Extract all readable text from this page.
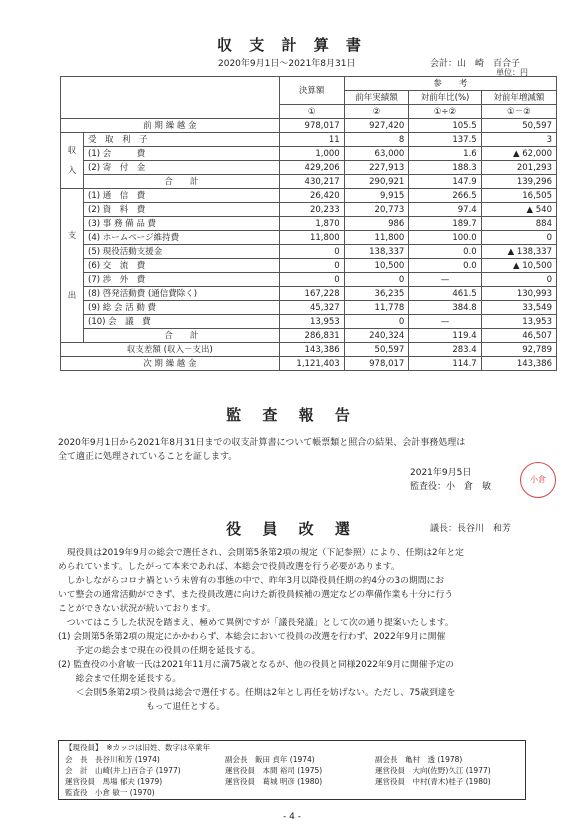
収 支 計 算 書
2020年9月1日～2021年8月31日	会計：山　崎　百合子
単位：円
		決算額	参　　考		
			前年実績額	対前年比(%)	対前年増減額
		①	②	①÷②	①－②
前 期 繰 越 金		978,017	927,420	105.5	50,597

収
入	受　取　利　子	11	8	137.5	3
	(1) 会　　　費	1,000	63,000	1.6	▲ 62,000
	(2) 寄　付　金	429,206	227,913	188.3	201,293
	合　　計	430,217	290,921	147.9	139,296

支
出	(1) 通　信　費	26,420	9,915	266.5	16,505
	(2) 資　料　費	20,233	20,773	97.4	▲ 540
	(3) 事 務 備 品 費	1,870	986	189.7	884
	(4) ホームページ維持費	11,800	11,800	100.0	0
	(5) 現役活動支援金	0	138,337	0.0	▲ 138,337
	(6) 交　流　費	0	10,500	0.0	▲ 10,500
	(7) 渉　外　費	0	0	—	0
	(8) 啓発活動費 (通信費除く)	167,228	36,235	461.5	130,993
	(9) 総 会 活 動 費	45,327	11,778	384.8	33,549
	(10) 会　議　費	13,953	0	—	13,953
	合　　計	286,831	240,324	119.4	46,507
収支差額 (収入－支出)		143,386	50,597	283.4	92,789
次 期 繰 越 金		1,121,403	978,017	114.7	143,386
監 査 報 告
2020年9月1日から2021年8月31日までの収支計算書について帳票類と照合の結果、会計事務処理は
全て適正に処理されていることを証します。
2021年9月5日
監査役：小　倉　敏
小倉
役 員 改 選	議長：長谷川　和芳
　現役員は2019年9月の総会で選任され、会則第5条第2項の規定（下記参照）により、任期は2年と定
められています。したがって本来であれば、本総会で役員改選を行う必要があります。
　しかしながらコロナ禍という未曽有の事態の中で、昨年3月以降役員任期の約4分の3の期間にお
いて整会の通常活動ができず、また役員改選に向けた新役員候補の選定などの準備作業も十分に行う
ことができない状況が続いております。
　ついてはこうした状況を踏まえ、極めて異例ですが「議長発議」として次の通り提案いたします。
(1) 会則第5条第2項の規定にかかわらず、本総会において役員の改選を行わず、2022年9月に開催
　　予定の総会まで現在の役員の任期を延長する。
(2) 監査役の小倉敏一氏は2021年11月に満75歳となるが、他の役員と同様2022年9月に開催予定の
　　総会まで任期を延長する。
　　＜会則5条第2項＞役員は総会で選任する。任期は2年とし再任を妨げない。ただし、75歳到達を
　　　　　　　　　　もって退任とする。
【現役員】　※カッコは旧姓、数字は卒業年
会　長　長谷川和芳 (1974)	副会長　飯田 貞年 (1974)	副会長　亀村　透 (1978)
会　計　山崎(井上)百合子 (1977)	運営役員　本間 裕司 (1975)	運営役員　大向(佐野)久江 (1977)
運営役員　馬場 郁夫 (1979)	運営役員　葛城 明彦 (1980)	運営役員　中村(青木)桂子 (1980)
監査役　小倉 敏一 (1970)
- 4 -
